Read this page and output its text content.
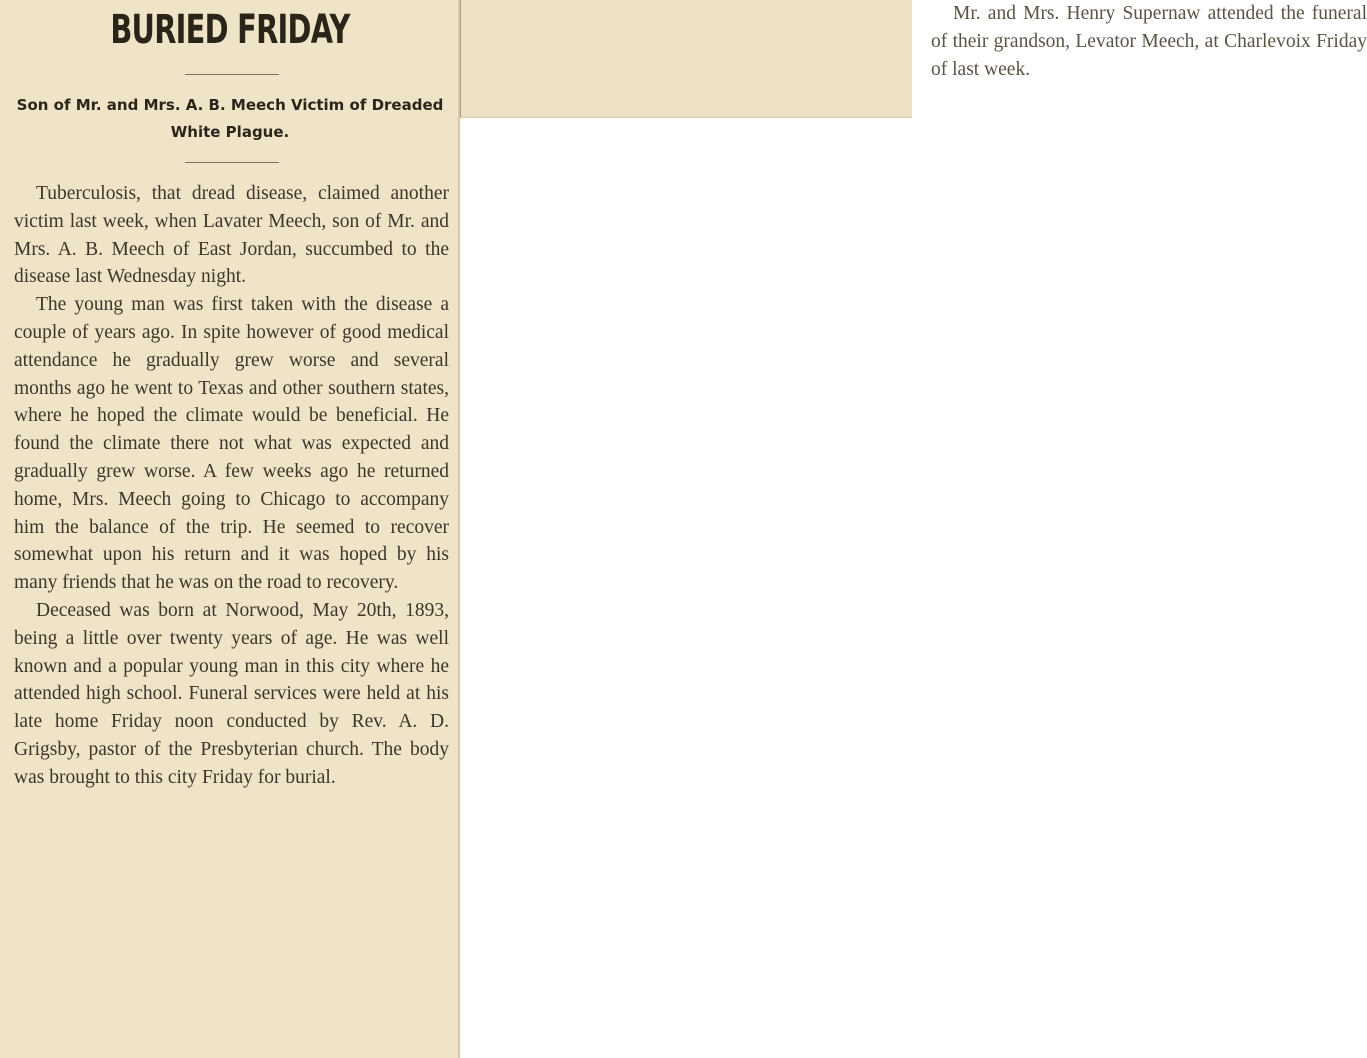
BURIED FRIDAY
Son of Mr. and Mrs. A. B. Meech Victim of Dreaded White Plague.

Tuberculosis, that dread disease, claimed another victim last week, when Lavater Meech, son of Mr. and Mrs. A. B. Meech of East Jordan, succumbed to the disease last Wednesday night.

The young man was first taken with the disease a couple of years ago. In spite however of good medical attendance he gradually grew worse and several months ago he went to Texas and other southern states, where he hoped the climate would be beneficial. He found the climate there not what was expected and gradually grew worse. A few weeks ago he returned home, Mrs. Meech going to Chicago to accompany him the balance of the trip. He seemed to recover somewhat upon his return and it was hoped by his many friends that he was on the road to recovery.

Deceased was born at Norwood, May 20th, 1893, being a little over twenty years of age. He was well known and a popular young man in this city where he attended high school. Funeral services were held at his late home Friday noon conducted by Rev. A. D. Grigsby, pastor of the Presbyterian church. The body was brought to this city Friday for burial.

Mr. and Mrs. Henry Supernaw attended the funeral of their grandson, Levator Meech, at Charlevoix Friday of last week.
